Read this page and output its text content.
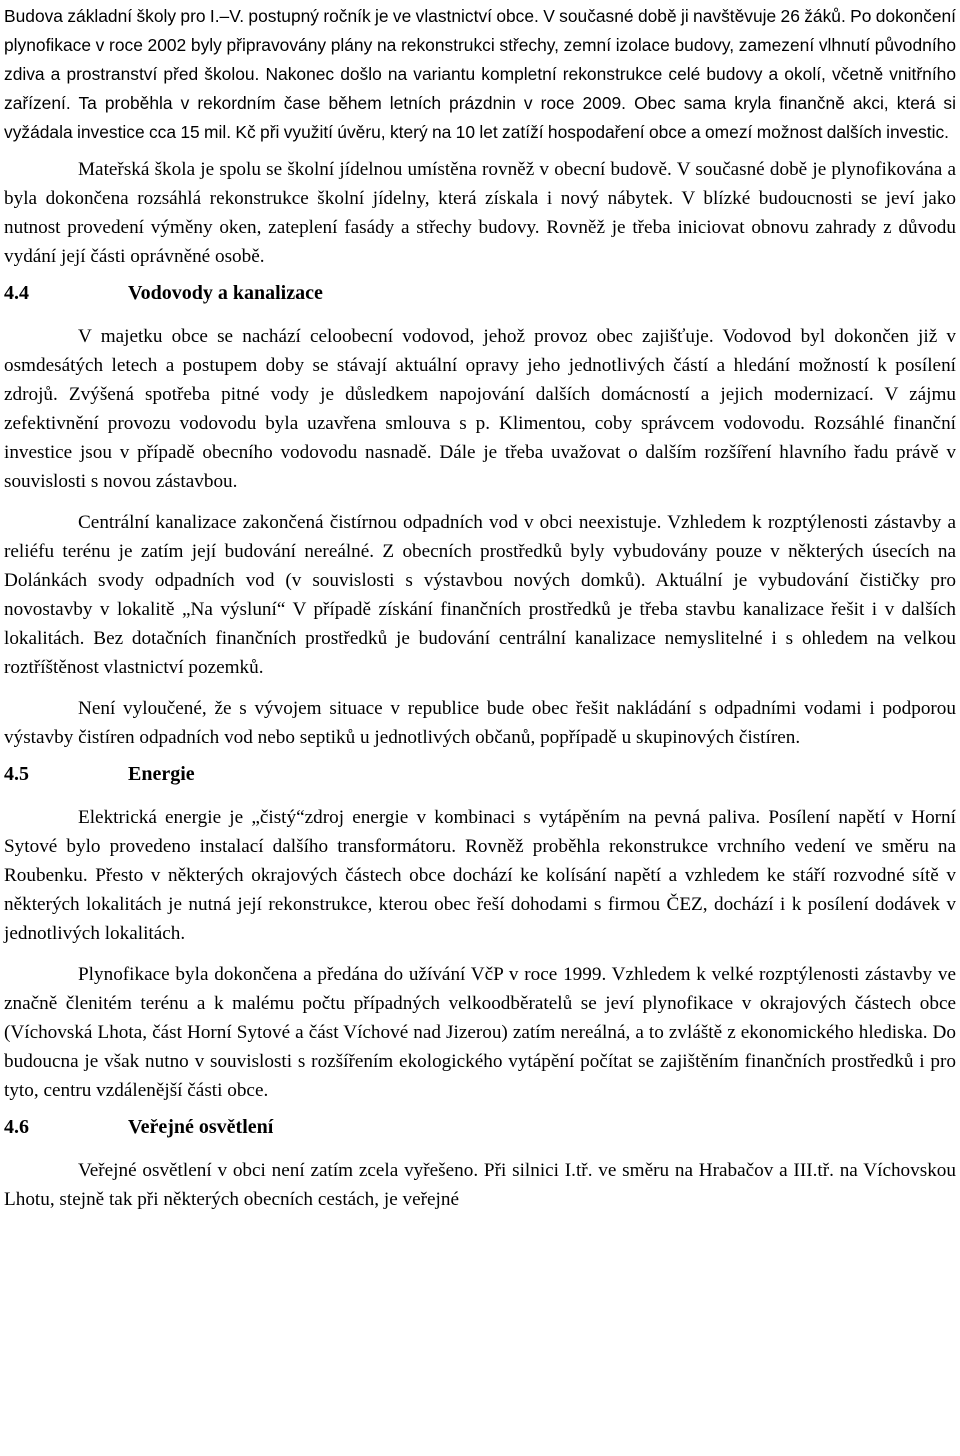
Budova základní školy pro I.–V. postupný ročník je ve vlastnictví obce. V současné době ji navštěvuje 26 žáků. Po dokončení plynofikace v roce 2002 byly připravovány plány na rekonstrukci střechy, zemní izolace budovy, zamezení vlhnutí původního zdiva a prostranství před školou. Nakonec došlo na variantu kompletní rekonstrukce celé budovy a okolí, včetně vnitřního zařízení. Ta proběhla v rekordním čase během letních prázdnin v roce 2009. Obec sama kryla finančně akci, která si vyžádala investice cca 15 mil. Kč při využití úvěru, který na 10 let zatíží hospodaření obce a omezí možnost dalších investic.

Mateřská škola je spolu se školní jídelnou umístěna rovněž v obecní budově. V současné době je plynofikována a byla dokončena rozsáhlá rekonstrukce školní jídelny, která získala i nový nábytek. V blízké budoucnosti se jeví jako nutnost provedení výměny oken, zateplení fasády a střechy budovy. Rovněž je třeba iniciovat obnovu zahrady z důvodu vydání její části oprávněné osobě.

4.4	Vodovody a kanalizace

V majetku obce se nachází celoobecní vodovod, jehož provoz obec zajišťuje. Vodovod byl dokončen již v osmdesátých letech a postupem doby se stávají aktuální opravy jeho jednotlivých částí a hledání možností k posílení zdrojů. Zvýšená spotřeba pitné vody je důsledkem napojování dalších domácností a jejich modernizací. V zájmu zefektivnění provozu vodovodu byla uzavřena smlouva s p. Klimentou, coby správcem vodovodu. Rozsáhlé finanční investice jsou v případě obecního vodovodu nasnadě. Dále je třeba uvažovat o dalším rozšíření hlavního řadu právě v souvislosti s novou zástavbou.

Centrální kanalizace zakončená čistírnou odpadních vod v obci neexistuje. Vzhledem k rozptýlenosti zástavby a reliéfu terénu je zatím její budování nereálné. Z obecních prostředků byly vybudovány pouze v některých úsecích na Dolánkách svody odpadních vod (v souvislosti s výstavbou nových domků). Aktuální je vybudování čističky pro novostavby v lokalitě „Na výsluní“ V případě získání finančních prostředků je třeba stavbu kanalizace řešit i v dalších lokalitách. Bez dotačních finančních prostředků je budování centrální kanalizace nemyslitelné i s ohledem na velkou roztříštěnost vlastnictví pozemků.

Není vyloučené, že s vývojem situace v republice bude obec řešit nakládání s odpadními vodami i podporou výstavby čistíren odpadních vod nebo septiků u jednotlivých občanů, popřípadě u skupinových čistíren.

4.5	Energie

Elektrická energie je „čistý“zdroj energie v kombinaci s vytápěním na pevná paliva. Posílení napětí v Horní Sytové bylo provedeno instalací dalšího transformátoru. Rovněž proběhla rekonstrukce vrchního vedení ve směru na Roubenku. Přesto v některých okrajových částech obce dochází ke kolísání napětí a vzhledem ke stáří rozvodné sítě v některých lokalitách je nutná její rekonstrukce, kterou obec řeší dohodami s firmou ČEZ, dochází i k posílení dodávek v jednotlivých lokalitách.

Plynofikace byla dokončena a předána do užívání VčP v roce 1999. Vzhledem k velké rozptýlenosti zástavby ve značně členitém terénu a k malému počtu případných velkoodběratelů se jeví plynofikace v okrajových částech obce (Víchovská Lhota, část Horní Sytové a část Víchové nad Jizerou) zatím nereálná, a to zvláště z ekonomického hlediska. Do budoucna je však nutno v souvislosti s rozšířením ekologického vytápění počítat se zajištěním finančních prostředků i pro tyto, centru vzdálenější části obce.

4.6	Veřejné osvětlení

Veřejné osvětlení v obci není zatím zcela vyřešeno. Při silnici I.tř. ve směru na Hrabačov a III.tř. na Víchovskou Lhotu, stejně tak při některých obecních cestách, je veřejné
